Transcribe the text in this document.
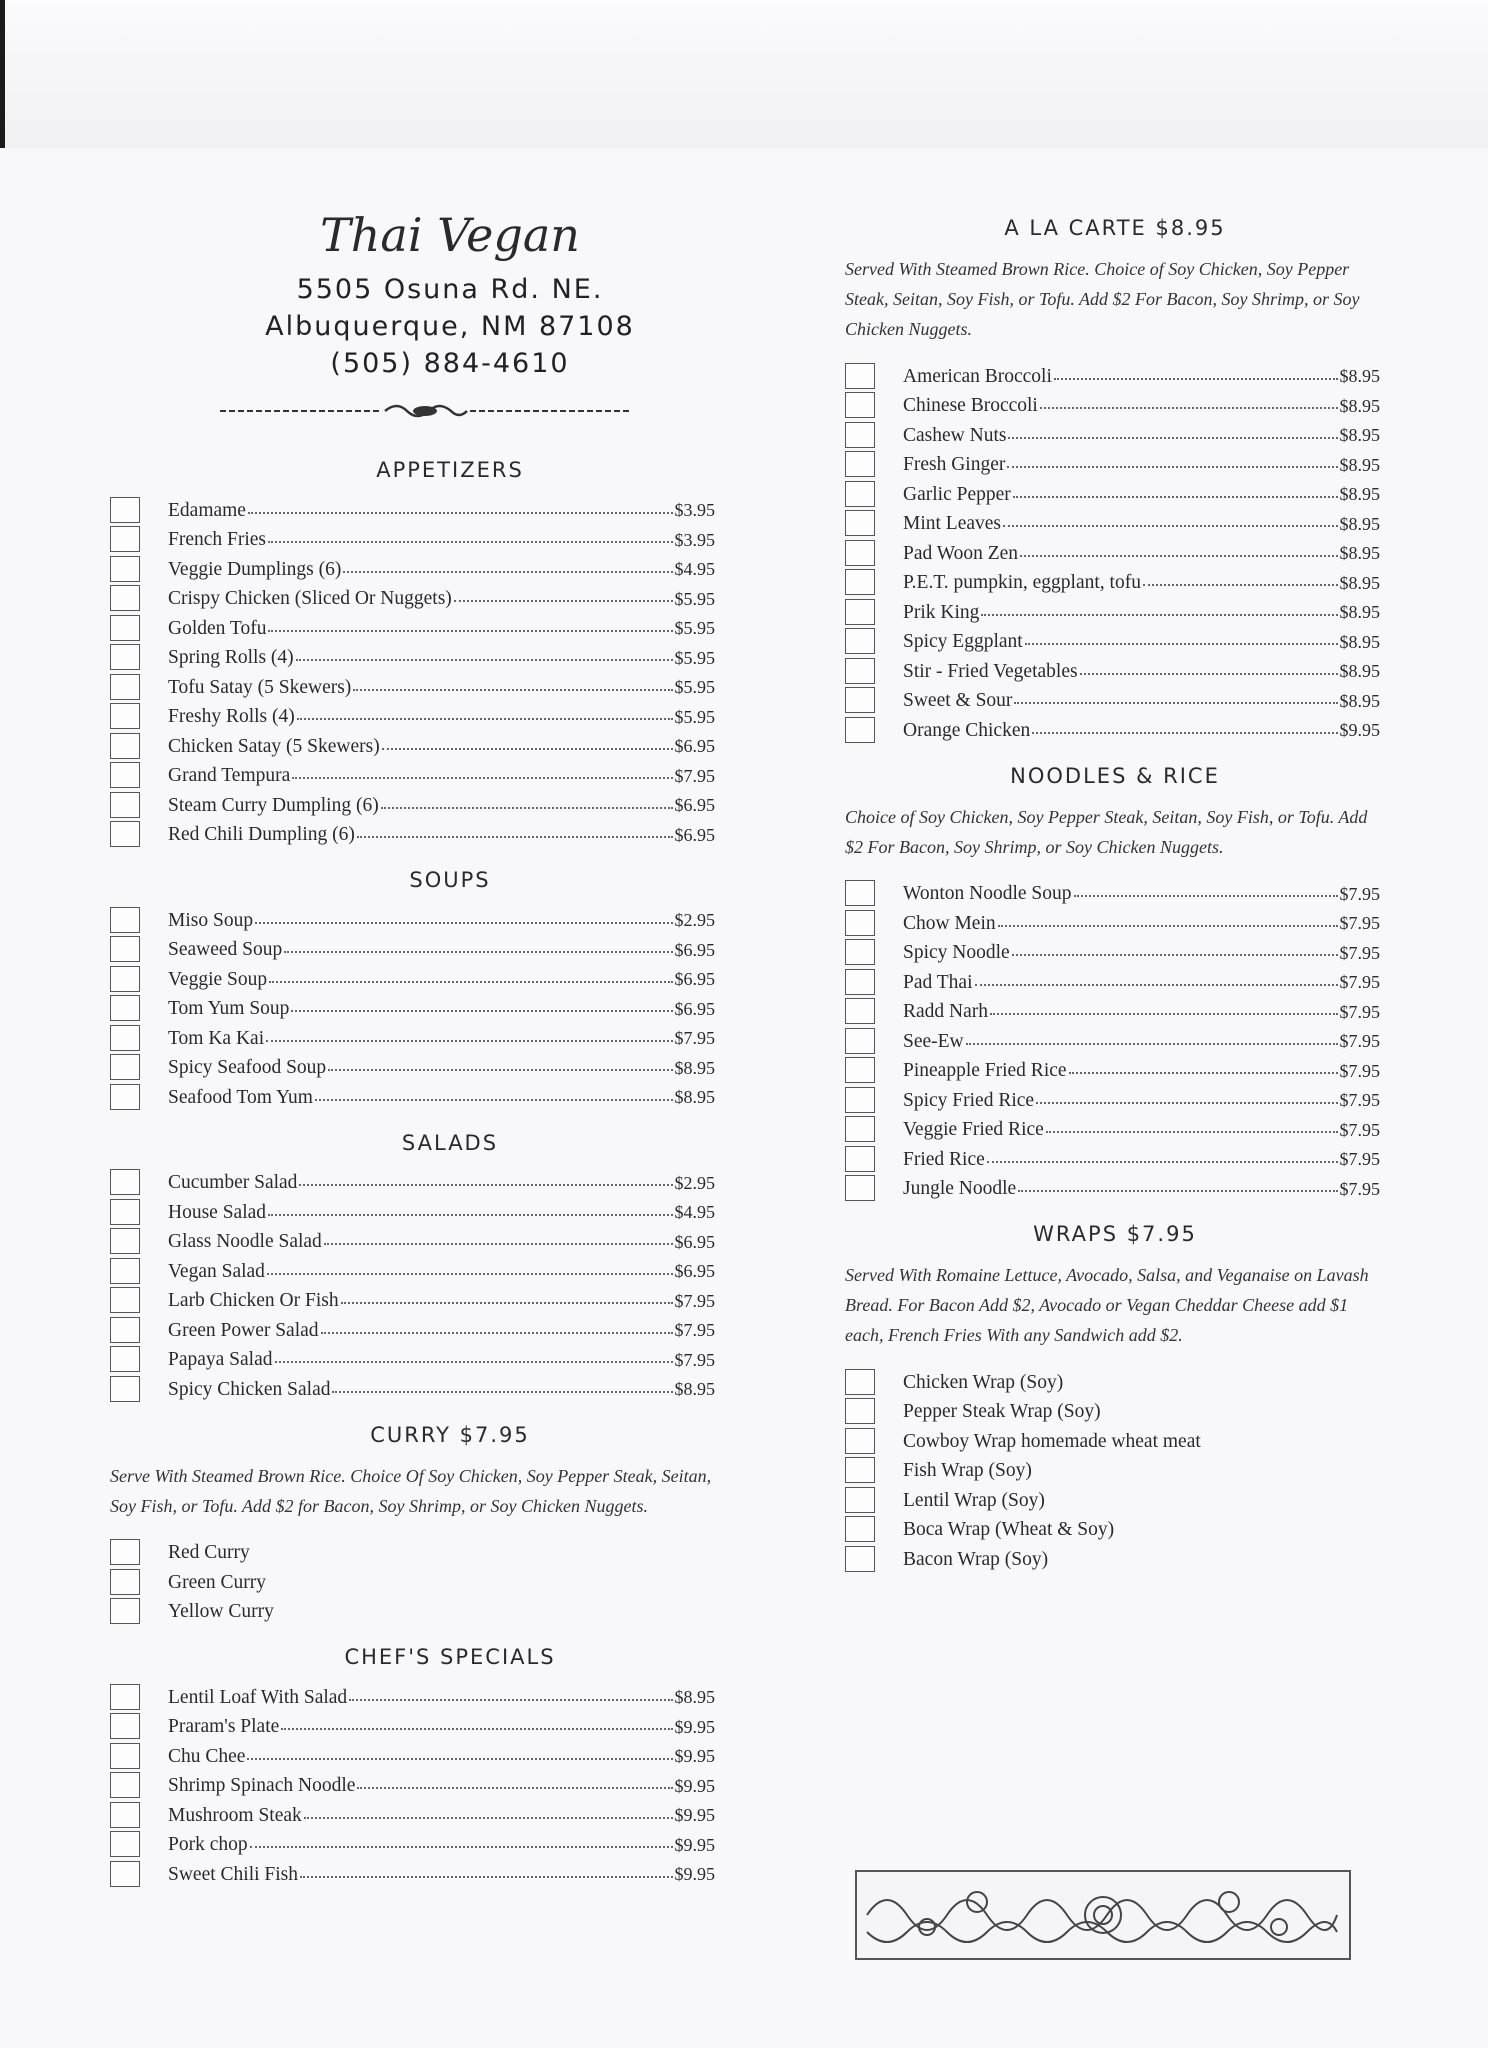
Thai Vegan
5505 Osuna Rd. NE.
Albuquerque, NM 87108
(505) 884-4610
APPETIZERS
Edamame	$3.95
French Fries	$3.95
Veggie Dumplings (6)	$4.95
Crispy Chicken (Sliced Or Nuggets)	$5.95
Golden Tofu	$5.95
Spring Rolls (4)	$5.95
Tofu Satay (5 Skewers)	$5.95
Freshy Rolls (4)	$5.95
Chicken Satay (5 Skewers)	$6.95
Grand Tempura	$7.95
Steam Curry Dumpling (6)	$6.95
Red Chili Dumpling (6)	$6.95
SOUPS
Miso Soup	$2.95
Seaweed Soup	$6.95
Veggie Soup	$6.95
Tom Yum Soup	$6.95
Tom Ka Kai	$7.95
Spicy Seafood Soup	$8.95
Seafood Tom Yum	$8.95
SALADS
Cucumber Salad	$2.95
House Salad	$4.95
Glass Noodle Salad	$6.95
Vegan Salad	$6.95
Larb Chicken Or Fish	$7.95
Green Power Salad	$7.95
Papaya Salad	$7.95
Spicy Chicken Salad	$8.95
CURRY $7.95
Serve With Steamed Brown Rice. Choice Of Soy Chicken, Soy Pepper Steak, Seitan, Soy Fish, or Tofu. Add $2 for Bacon, Soy Shrimp, or Soy Chicken Nuggets.
Red Curry
Green Curry
Yellow Curry
CHEF'S SPECIALS
Lentil Loaf With Salad	$8.95
Praram's Plate	$9.95
Chu Chee	$9.95
Shrimp Spinach Noodle	$9.95
Mushroom Steak	$9.95
Pork chop	$9.95
Sweet Chili Fish	$9.95
A LA CARTE $8.95
Served With Steamed Brown Rice. Choice of Soy Chicken, Soy Pepper Steak, Seitan, Soy Fish, or Tofu. Add $2 For Bacon, Soy Shrimp, or Soy Chicken Nuggets.
American Broccoli	$8.95
Chinese Broccoli	$8.95
Cashew Nuts	$8.95
Fresh Ginger	$8.95
Garlic Pepper	$8.95
Mint Leaves	$8.95
Pad Woon Zen	$8.95
P.E.T. pumpkin, eggplant, tofu	$8.95
Prik King	$8.95
Spicy Eggplant	$8.95
Stir - Fried Vegetables	$8.95
Sweet & Sour	$8.95
Orange Chicken	$9.95
NOODLES & RICE
Choice of Soy Chicken, Soy Pepper Steak, Seitan, Soy Fish, or Tofu. Add $2 For Bacon, Soy Shrimp, or Soy Chicken Nuggets.
Wonton Noodle Soup	$7.95
Chow Mein	$7.95
Spicy Noodle	$7.95
Pad Thai	$7.95
Radd Narh	$7.95
See-Ew	$7.95
Pineapple Fried Rice	$7.95
Spicy Fried Rice	$7.95
Veggie Fried Rice	$7.95
Fried Rice	$7.95
Jungle Noodle	$7.95
WRAPS $7.95
Served With Romaine Lettuce, Avocado, Salsa, and Veganaise on Lavash Bread. For Bacon Add $2, Avocado or Vegan Cheddar Cheese add $1 each, French Fries With any Sandwich add $2.
Chicken Wrap (Soy)
Pepper Steak Wrap (Soy)
Cowboy Wrap homemade wheat meat
Fish Wrap (Soy)
Lentil Wrap (Soy)
Boca Wrap (Wheat & Soy)
Bacon Wrap (Soy)
